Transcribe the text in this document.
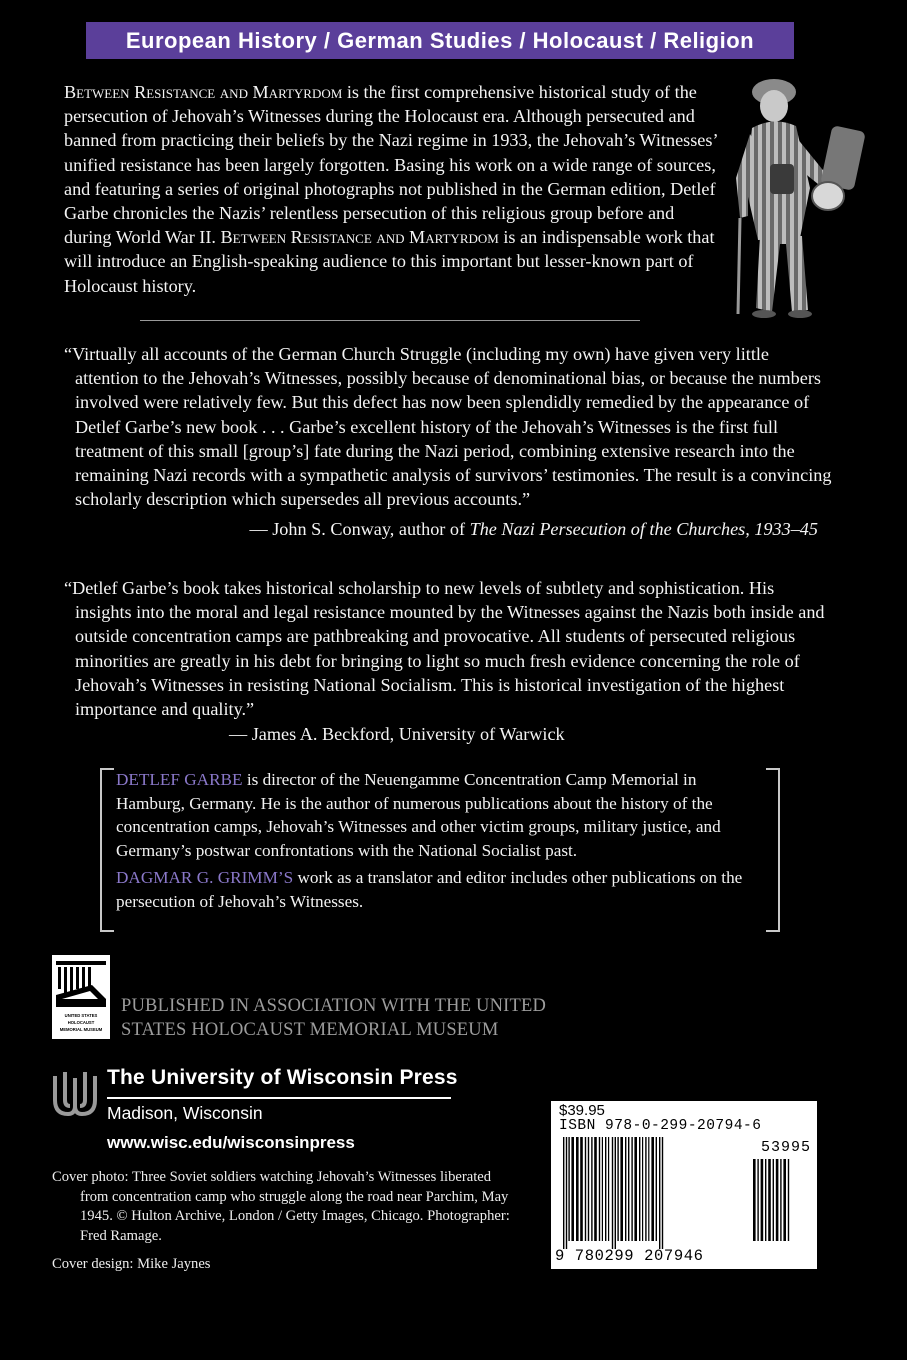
European History / German Studies / Holocaust / Religion
Between Resistance and Martyrdom is the first comprehensive historical study of the persecution of Jehovah’s Witnesses during the Holocaust era. Although persecuted and banned from practicing their beliefs by the Nazi regime in 1933, the Jehovah’s Witnesses’ unified resistance has been largely forgotten. Basing his work on a wide range of sources, and featuring a series of original photographs not published in the German edition, Detlef Garbe chronicles the Nazis’ relentless persecution of this religious group before and during World War II. Between Resistance and Martyrdom is an indispensable work that will introduce an English-speaking audience to this important but lesser-known part of Holocaust history.

“Virtually all accounts of the German Church Struggle (including my own) have given very little attention to the Jehovah’s Witnesses, possibly because of denominational bias, or because the numbers involved were relatively few. But this defect has now been splendidly remedied by the appearance of Detlef Garbe’s new book . . . Garbe’s excellent history of the Jehovah’s Witnesses is the first full treatment of this small [group’s] fate during the Nazi period, combining extensive research into the remaining Nazi records with a sympathetic analysis of survivors’ testimonies. The result is a convincing scholarly description which supersedes all previous accounts.”

— John S. Conway, author of The Nazi Persecution of the Churches, 1933–45

“Detlef Garbe’s book takes historical scholarship to new levels of subtlety and sophistication. His insights into the moral and legal resistance mounted by the Witnesses against the Nazis both inside and outside concentration camps are pathbreaking and provocative. All students of persecuted religious minorities are greatly in his debt for bringing to light so much fresh evidence concerning the role of Jehovah’s Witnesses in resisting National Socialism. This is historical investigation of the highest importance and quality.”

— James A. Beckford, University of Warwick

DETLEF GARBE is director of the Neuengamme Concentration Camp Memorial in Hamburg, Germany. He is the author of numerous publications about the history of the concentration camps, Jehovah’s Witnesses and other victim groups, military justice, and Germany’s postwar confrontations with the National Socialist past.

DAGMAR G. GRIMM’S work as a translator and editor includes other publications on the persecution of Jehovah’s Witnesses.

UNITED STATES
HOLOCAUST
MEMORIAL MUSEUM
PUBLISHED IN ASSOCIATION WITH THE UNITED
STATES HOLOCAUST MEMORIAL MUSEUM
The University of Wisconsin Press
Madison, Wisconsin
www.wisc.edu/wisconsinpress

Cover photo: Three Soviet soldiers watching Jehovah’s Witnesses liberated from concentration camp who struggle along the road near Parchim, May 1945. © Hulton Archive, London / Getty Images, Chicago. Photographer: Fred Ramage.

Cover design: Mike Jaynes

$39.95
ISBN 978-0-299-20794-6
53995
9 780299 207946
